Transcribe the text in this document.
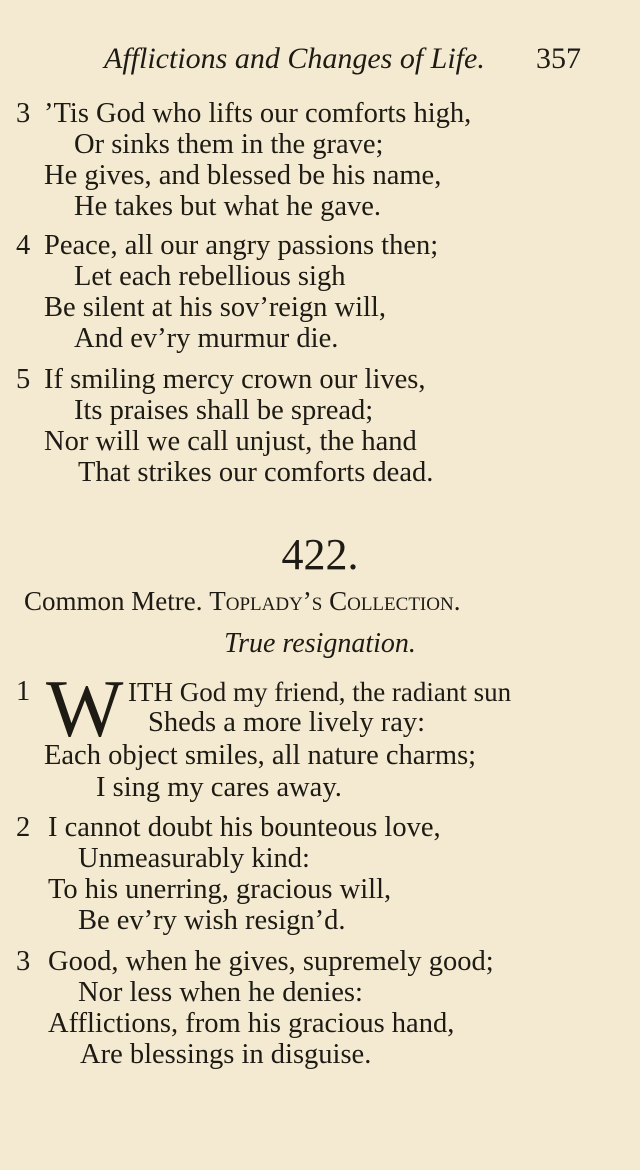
Afflictions and Changes of Life. 357
3 ’Tis God who lifts our comforts high,
Or sinks them in the grave;
He gives, and blessed be his name,
He takes but what he gave.
4 Peace, all our angry passions then;
Let each rebellious sigh
Be silent at his sov’reign will,
And ev’ry murmur die.
5 If smiling mercy crown our lives,
Its praises shall be spread;
Nor will we call unjust, the hand
That strikes our comforts dead.
422.
Common Metre. Toplady’s Collection.
True resignation.
1 W ITH God my friend, the radiant sun
Sheds a more lively ray:
Each object smiles, all nature charms;
I sing my cares away.
2 I cannot doubt his bounteous love,
Unmeasurably kind:
To his unerring, gracious will,
Be ev’ry wish resign’d.
3 Good, when he gives, supremely good;
Nor less when he denies:
Afflictions, from his gracious hand,
Are blessings in disguise.
